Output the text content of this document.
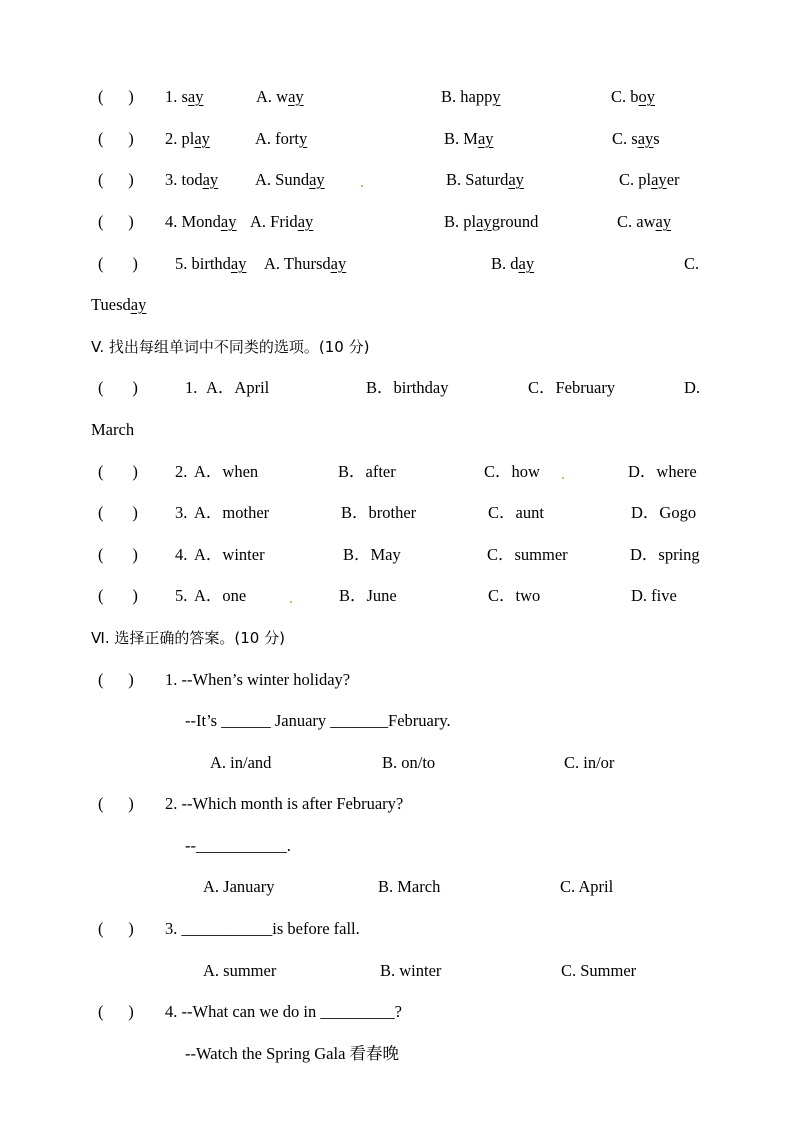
(      ) 1. say	A. way	B. happy	C. boy
(      ) 2. play	A. forty	B. May	C. says
(      ) 3. today A. Sunday	B. Saturday	C. player
(      ) 4. Monday A. Friday	B. playground	C. away
(       ) 5. birthday A. Thursday	B. day	C.
Tuesday
V. 找出每组单词中不同类的选项。(10 分)
(       )	1. A．April	B．birthday	C．February	D.
March
(       ) 2. A．when	B．after	C．how	D．where
(       ) 3. A．mother	B．brother	C．aunt	D．Gogo
(       ) 4. A．winter	B．May	C．summer	D．spring
(       ) 5. A．one	B．June	C．two	D. five
Ⅵ. 选择正确的答案。(10 分)
(      ) 1. --When’s winter holiday?
--It’s ______ January _______February.
A. in/and	B. on/to	C. in/or
(      ) 2. --Which month is after February?
--___________.
A. January	B. March	C. April
(      ) 3. ___________is before fall.
A. summer	B. winter	C. Summer
(      ) 4. --What can we do in _________?
--Watch the Spring Gala 看春晚
